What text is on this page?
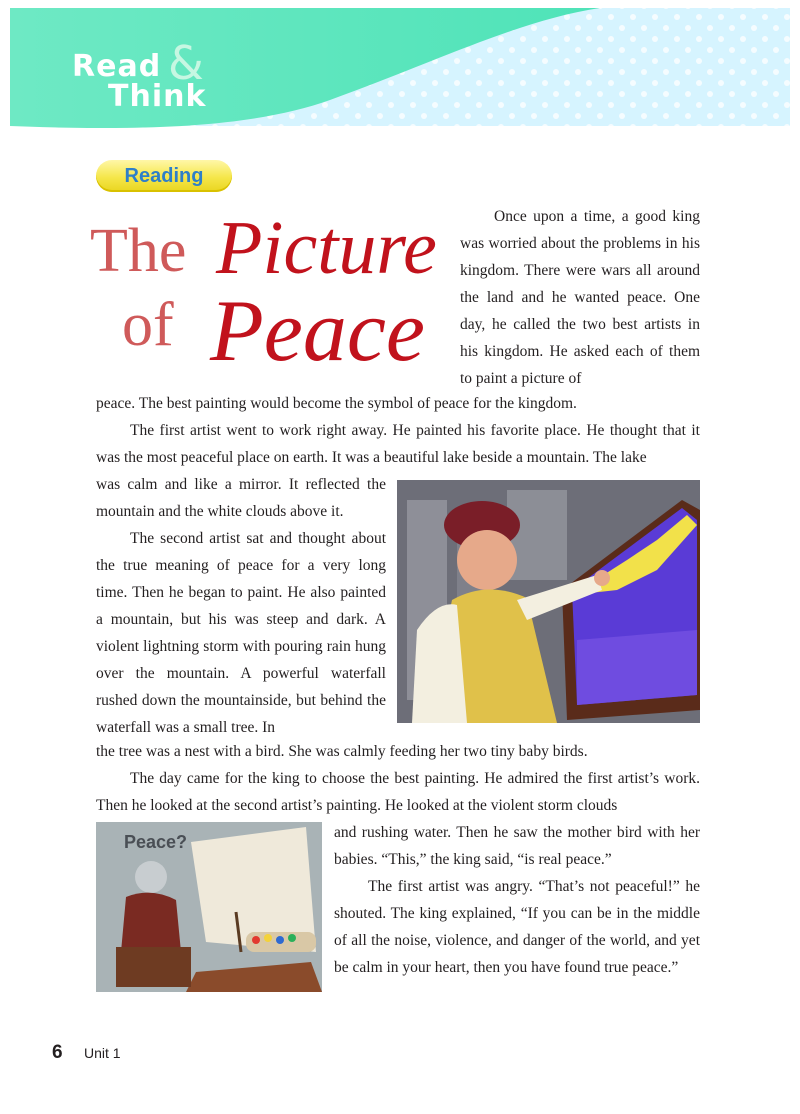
Read
Think
&
Reading
The Picture
of Peace

Once upon a time, a good king was worried about the problems in his kingdom. There were wars all around the land and he wanted peace. One day, he called the two best artists in his kingdom. He asked each of them to paint a picture of

peace. The best painting would become the symbol of peace for the kingdom.

The first artist went to work right away. He painted his favorite place. He thought that it was the most peaceful place on earth. It was a beautiful lake beside a mountain. The lake

was calm and like a mirror. It reflected the mountain and the white clouds above it.

The second artist sat and thought about the true meaning of peace for a very long time. Then he began to paint. He also painted a mountain, but his was steep and dark. A violent lightning storm with pouring rain hung over the mountain. A powerful waterfall rushed down the mountainside, but behind the waterfall was a small tree. In

the tree was a nest with a bird. She was calmly feeding her two tiny baby birds.

The day came for the king to choose the best painting. He admired the first artist’s work. Then he looked at the second artist’s painting. He looked at the violent storm clouds

and rushing water. Then he saw the mother bird with her babies. “This,” the king said, “is real peace.”

Peace?

The first artist was angry. “That’s not peaceful!” he shouted. The king explained, “If you can be in the middle of all the noise, violence, and danger of the world, and yet be calm in your heart, then you have found true peace.”

6 Unit 1
